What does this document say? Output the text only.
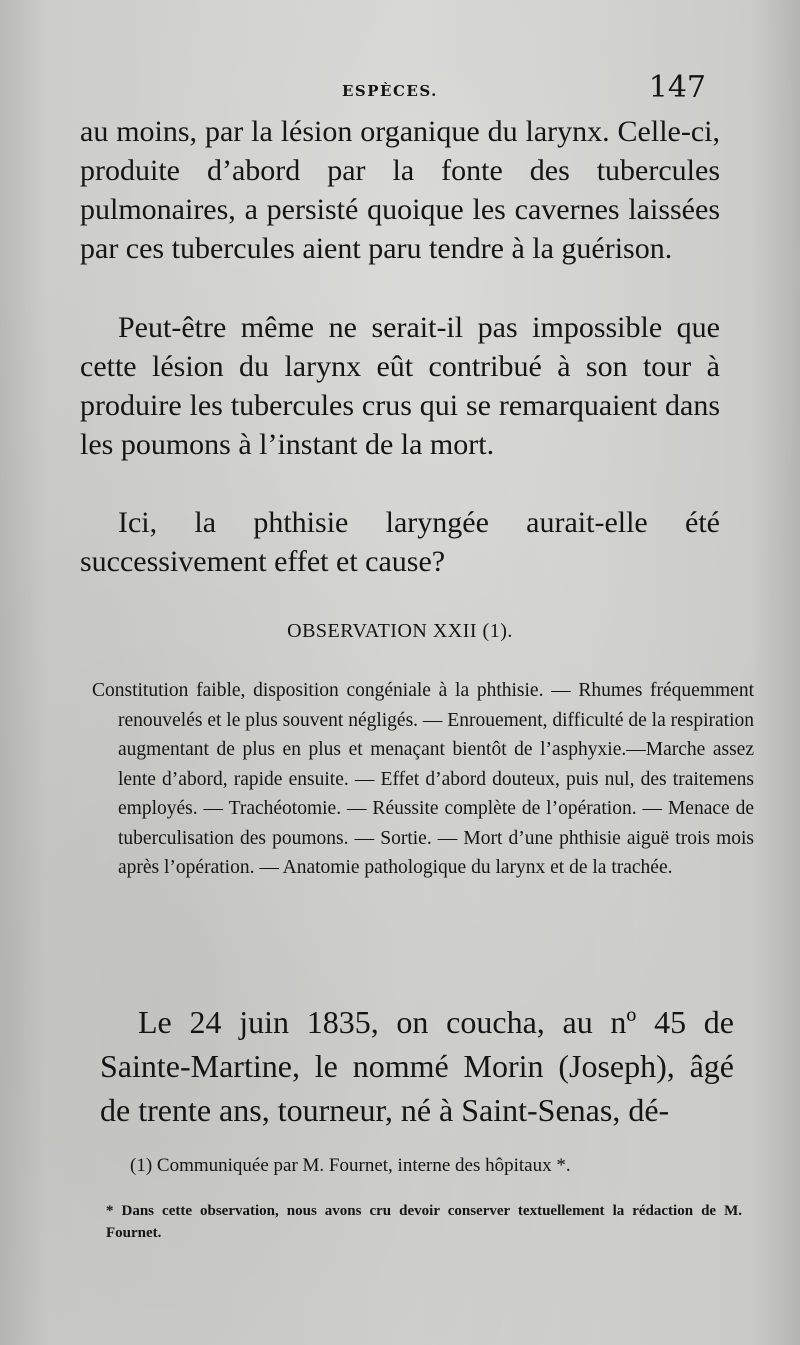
ESPÈCES.	147

au moins, par la lésion organique du larynx. Celle-ci, produite d’abord par la fonte des tubercules pulmonaires, a persisté quoique les cavernes laissées par ces tubercules aient paru tendre à la guérison.

Peut-être même ne serait-il pas impossible que cette lésion du larynx eût contribué à son tour à produire les tubercules crus qui se remarquaient dans les poumons à l’instant de la mort.

Ici, la phthisie laryngée aurait-elle été successivement effet et cause?

OBSERVATION XXII (1).
Constitution faible, disposition congéniale à la phthisie. — Rhumes fréquemment renouvelés et le plus souvent négligés. — Enrouement, difficulté de la respiration augmentant de plus en plus et menaçant bientôt de l’asphyxie.—Marche assez lente d’abord, rapide ensuite. — Effet d’abord douteux, puis nul, des traitemens employés. — Trachéotomie. — Réussite complète de l’opération. — Menace de tuberculisation des poumons. — Sortie. — Mort d’une phthisie aiguë trois mois après l’opération. — Anatomie pathologique du larynx et de la trachée.

Le 24 juin 1835, on coucha, au nº 45 de Sainte-Martine, le nommé Morin (Joseph), âgé de trente ans, tourneur, né à Saint-Senas, dé-

(1) Communiquée par M. Fournet, interne des hôpitaux *.
* Dans cette observation, nous avons cru devoir conserver textuellement la rédaction de M. Fournet.
